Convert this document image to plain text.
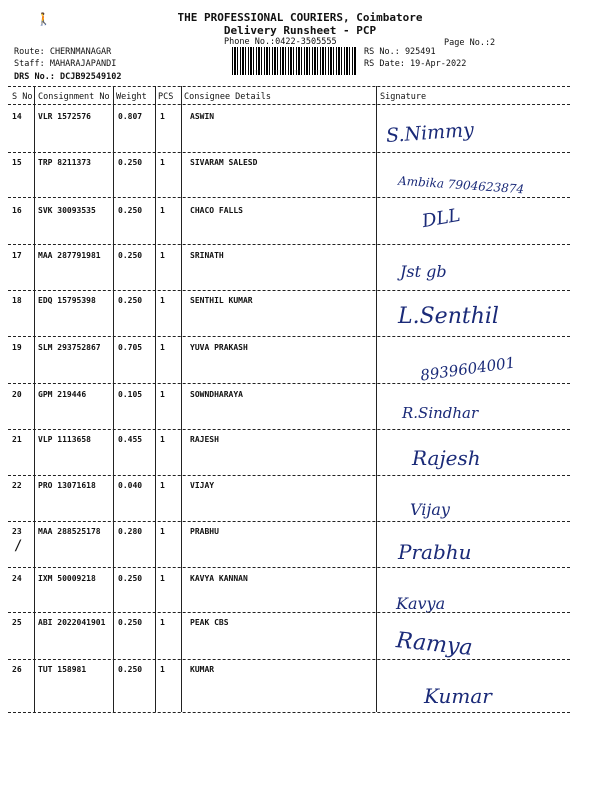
🚶	THE PROFESSIONAL COURIERS, Coimbatore
Delivery Runsheet - PCP
Phone No.:0422-3505555	Page No.:2
Route: CHERNMANAGAR
Staff: MAHARAJAPANDI
DRS No.: DCJB92549102
RS No.: 925491
RS Date: 19-Apr-2022
S No Consignment No Weight PCS Consignee Details	Signature
14 VLR 1572576	0.807 1	ASWIN
S.Nimmy
15 TRP 8211373	0.250 1	SIVARAM SALESD
Ambika 7904623874
16 SVK 30093535	0.250 1	CHACO FALLS	DLL
17 MAA 287791981 0.250 1	SRINATH
Jst gb
18 EDQ 15795398	0.250 1	SENTHIL KUMAR
L.Senthil
19 SLM 293752867 0.705 1	YUVA PRAKASH
8939604001
20 GPM 219446	0.105 1	SOWNDHARAYA
R.Sindhar
21 VLP 1113658	0.455 1	RAJESH
Rajesh
22 PRO 13071618	0.040 1	VIJAY
Vijay
/
23 MAA 288525178 0.280 1	PRABHU
Prabhu
24 IXM 50009218	0.250 1	KAVYA KANNAN
Kavya
25 ABI 2022041901 0.250 1	PEAK CBS
Ramya
26 TUT 158981	0.250 1	KUMAR
Kumar
